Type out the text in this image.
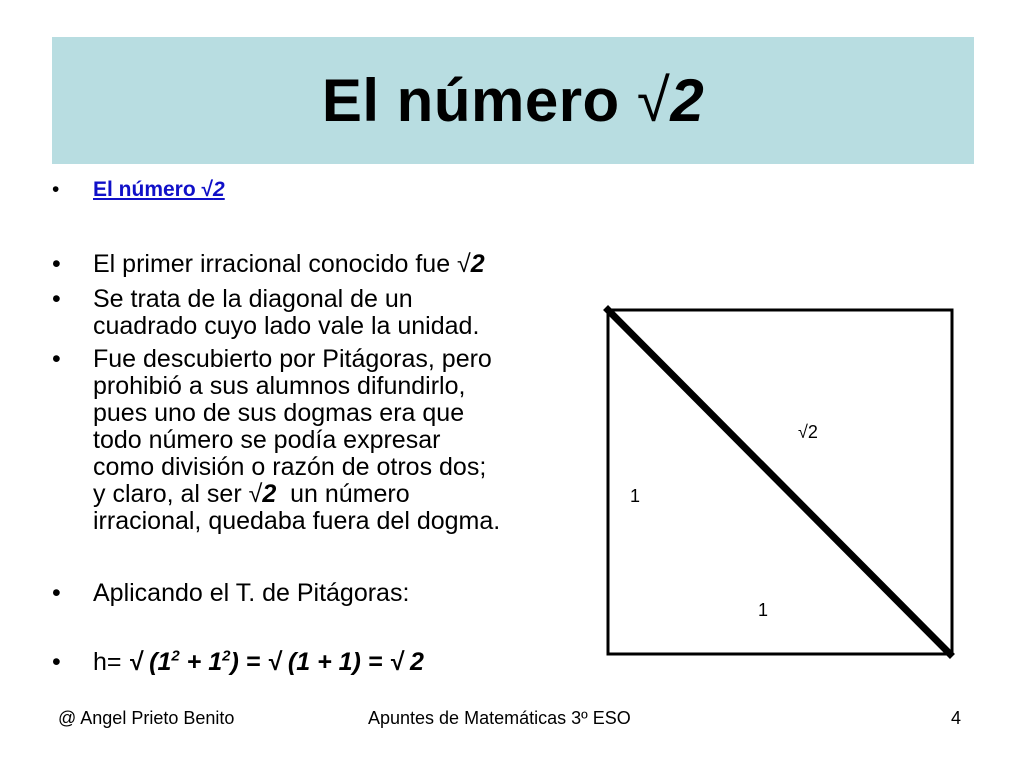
El número √2
•	El número √2
•	El primer irracional conocido fue √2
•	Se trata de la diagonal de un
cuadrado cuyo lado vale la unidad.
•	Fue descubierto por Pitágoras, pero
prohibió a sus alumnos difundirlo,
pues uno de sus dogmas era que
todo número se podía expresar
como división o razón de otros dos;
y claro, al ser √2  un número
irracional, quedaba fuera del dogma.
•	Aplicando el T. de Pitágoras:
•	h= √ $(1^2 + 1^2)$ = √ (1 + 1) = √ 2
√2
1
1
@ Angel Prieto Benito	Apuntes de Matemáticas 3º ESO	4
